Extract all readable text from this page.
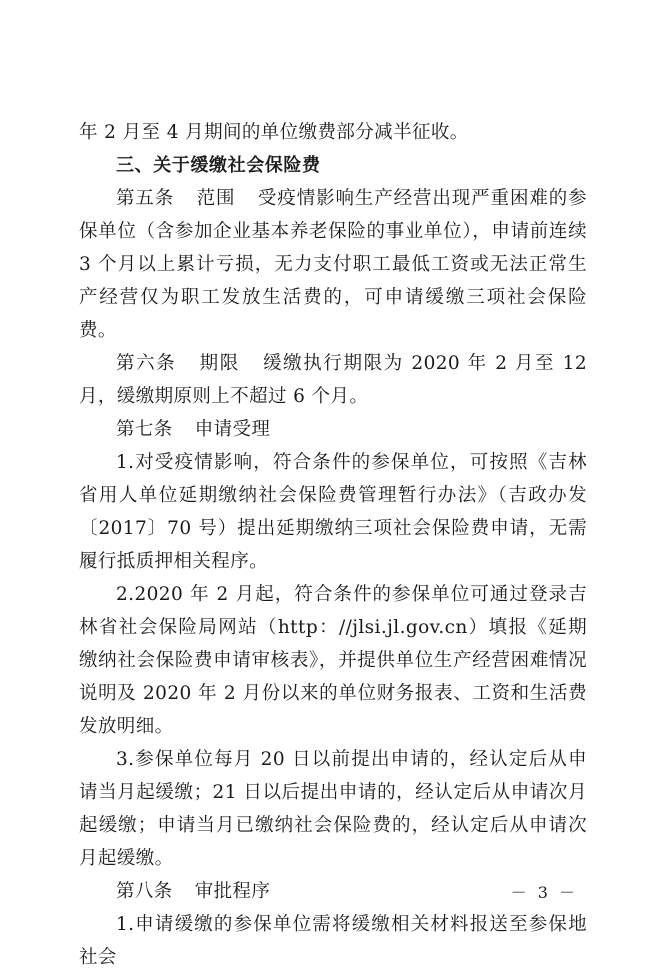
年 2 月至 4 月期间的单位缴费部分减半征收。

三、关于缓缴社会保险费

第五条 范围 受疫情影响生产经营出现严重困难的参保单位（含参加企业基本养老保险的事业单位），申请前连续 3 个月以上累计亏损，无力支付职工最低工资或无法正常生产经营仅为职工发放生活费的，可申请缓缴三项社会保险费。

第六条 期限 缓缴执行期限为 2020 年 2 月至 12 月，缓缴期原则上不超过 6 个月。

第七条 申请受理

1.对受疫情影响，符合条件的参保单位，可按照《吉林省用人单位延期缴纳社会保险费管理暂行办法》（吉政办发〔2017〕70 号）提出延期缴纳三项社会保险费申请，无需履行抵质押相关程序。

2.2020 年 2 月起，符合条件的参保单位可通过登录吉林省社会保险局网站（http：//jlsi.jl.gov.cn）填报《延期缴纳社会保险费申请审核表》，并提供单位生产经营困难情况说明及 2020 年 2 月份以来的单位财务报表、工资和生活费发放明细。

3.参保单位每月 20 日以前提出申请的，经认定后从申请当月起缓缴；21 日以后提出申请的，经认定后从申请次月起缓缴；申请当月已缴纳社会保险费的，经认定后从申请次月起缓缴。

第八条 审批程序

1.申请缓缴的参保单位需将缓缴相关材料报送至参保地社会

－ 3 －
